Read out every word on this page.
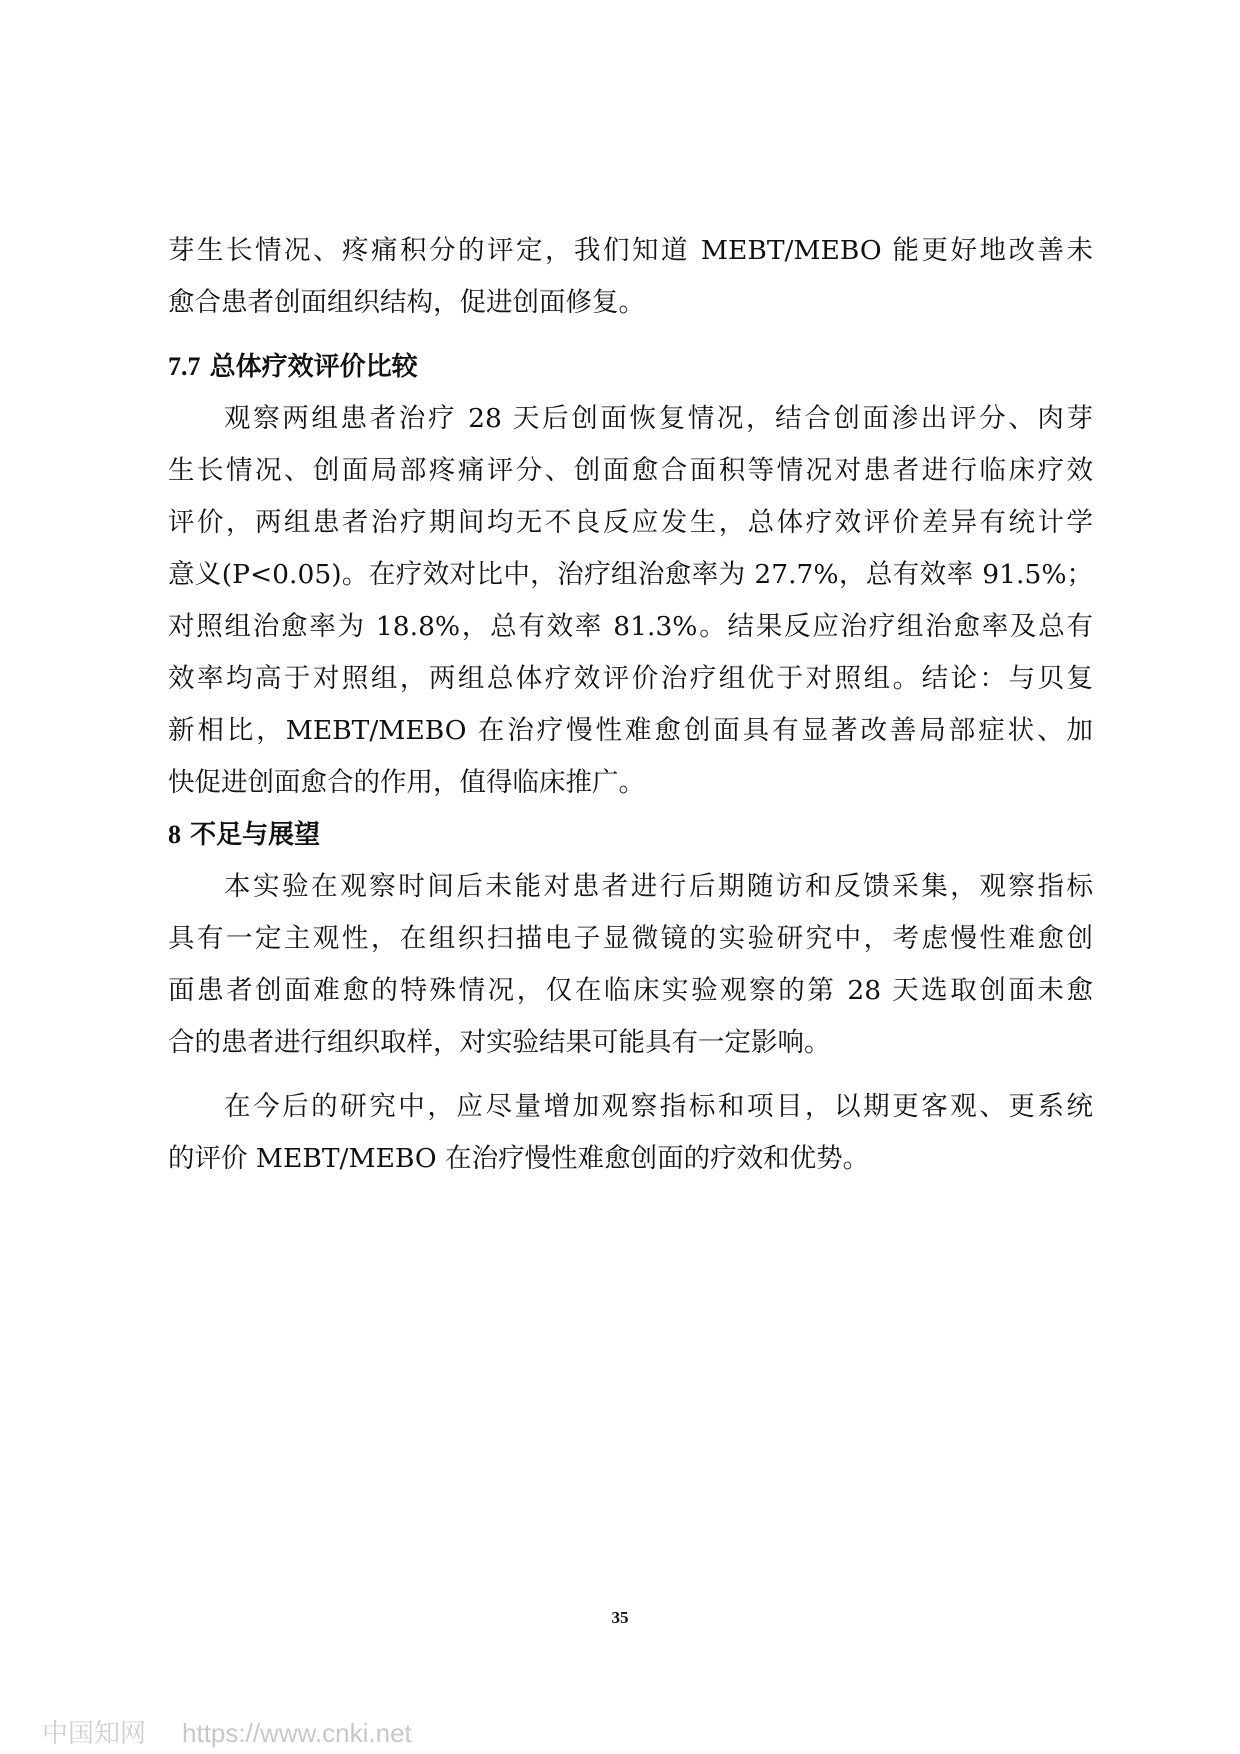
芽生长情况、疼痛积分的评定，我们知道 MEBT/MEBO 能更好地改善未
愈合患者创面组织结构，促进创面修复。
7.7 总体疗效评价比较
观察两组患者治疗 28 天后创面恢复情况，结合创面渗出评分、肉芽
生长情况、创面局部疼痛评分、创面愈合面积等情况对患者进行临床疗效
评价，两组患者治疗期间均无不良反应发生，总体疗效评价差异有统计学
意义(P<0.05)。在疗效对比中，治疗组治愈率为 27.7%，总有效率 91.5%；
对照组治愈率为 18.8%，总有效率 81.3%。结果反应治疗组治愈率及总有
效率均高于对照组，两组总体疗效评价治疗组优于对照组。结论：与贝复
新相比，MEBT/MEBO 在治疗慢性难愈创面具有显著改善局部症状、加
快促进创面愈合的作用，值得临床推广。
8 不足与展望
本实验在观察时间后未能对患者进行后期随访和反馈采集，观察指标
具有一定主观性，在组织扫描电子显微镜的实验研究中，考虑慢性难愈创
面患者创面难愈的特殊情况，仅在临床实验观察的第 28 天选取创面未愈
合的患者进行组织取样，对实验结果可能具有一定影响。
在今后的研究中，应尽量增加观察指标和项目，以期更客观、更系统
的评价 MEBT/MEBO 在治疗慢性难愈创面的疗效和优势。
35
中国知网 https://www.cnki.net
